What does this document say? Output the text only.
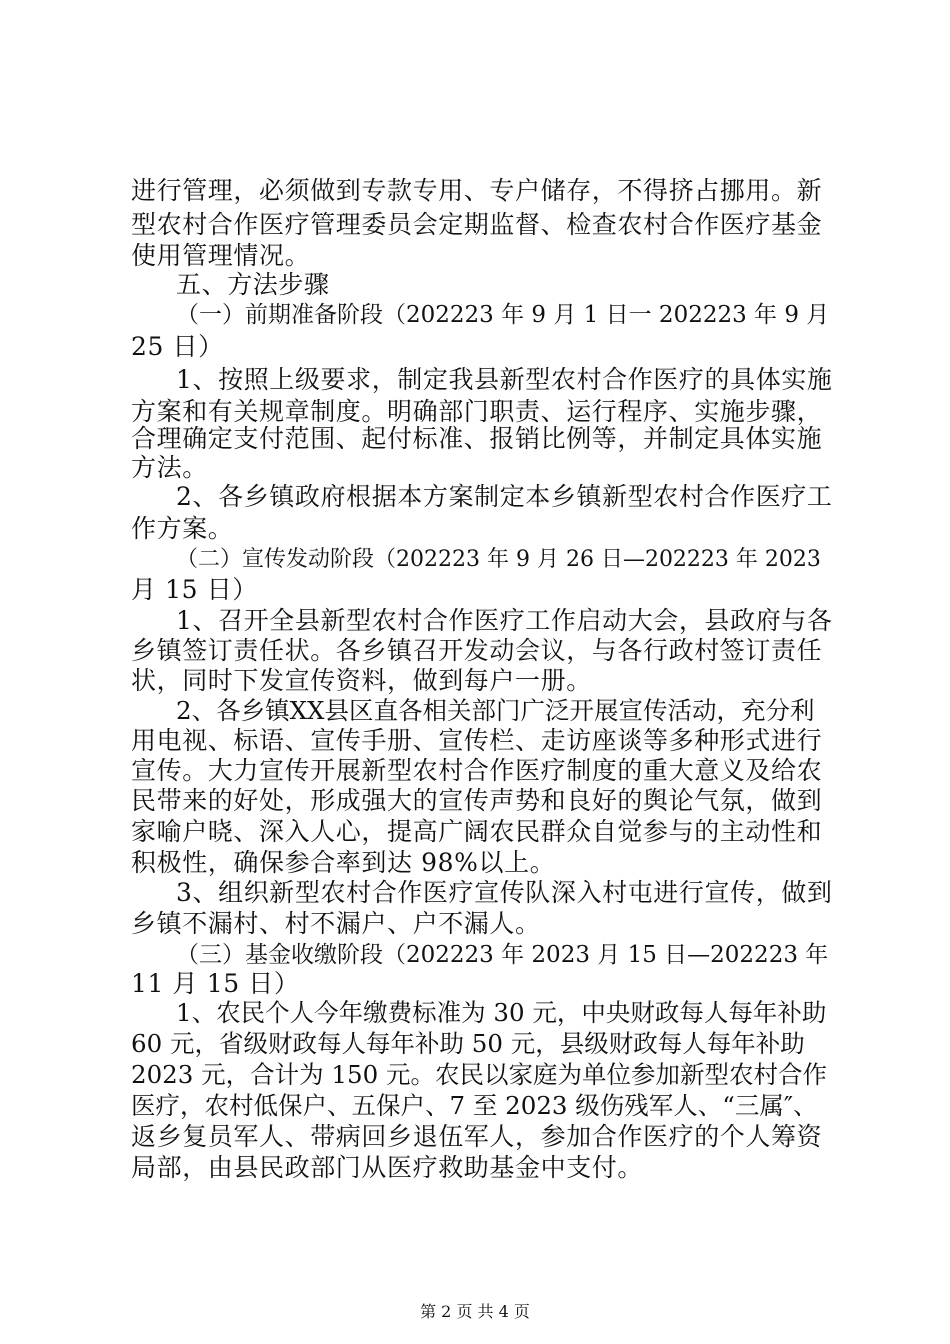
进行管理，必须做到专款专用、专户储存，不得挤占挪用。新
型农村合作医疗管理委员会定期监督、检查农村合作医疗基金
使用管理情况。
五、方法步骤
（一）前期准备阶段（202223 年 9 月 1 日一 202223 年 9 月
25 日）
1、按照上级要求，制定我县新型农村合作医疗的具体实施
方案和有关规章制度。明确部门职责、运行程序、实施步骤，
合理确定支付范围、起付标准、报销比例等，并制定具体实施
方法。
2、各乡镇政府根据本方案制定本乡镇新型农村合作医疗工
作方案。
（二）宣传发动阶段（202223 年 9 月 26 日—202223 年 2023
月 15 日）
1、召开全县新型农村合作医疗工作启动大会，县政府与各
乡镇签订责任状。各乡镇召开发动会议，与各行政村签订责任
状，同时下发宣传资料，做到每户一册。
2、各乡镇XX县区直各相关部门广泛开展宣传活动，充分利
用电视、标语、宣传手册、宣传栏、走访座谈等多种形式进行
宣传。大力宣传开展新型农村合作医疗制度的重大意义及给农
民带来的好处，形成强大的宣传声势和良好的舆论气氛，做到
家喻户晓、深入人心，提高广阔农民群众自觉参与的主动性和
积极性，确保参合率到达 98%以上。
3、组织新型农村合作医疗宣传队深入村屯进行宣传，做到
乡镇不漏村、村不漏户、户不漏人。
（三）基金收缴阶段（202223 年 2023 月 15 日—202223 年
11 月 15 日）
1、农民个人今年缴费标准为 30 元，中央财政每人每年补助
60 元，省级财政每人每年补助 50 元，县级财政每人每年补助
2023 元，合计为 150 元。农民以家庭为单位参加新型农村合作
医疗，农村低保户、五保户、7 至 2023 级伤残军人、“三属″、
返乡复员军人、带病回乡退伍军人，参加合作医疗的个人筹资
局部，由县民政部门从医疗救助基金中支付。
第 2 页 共 4 页
